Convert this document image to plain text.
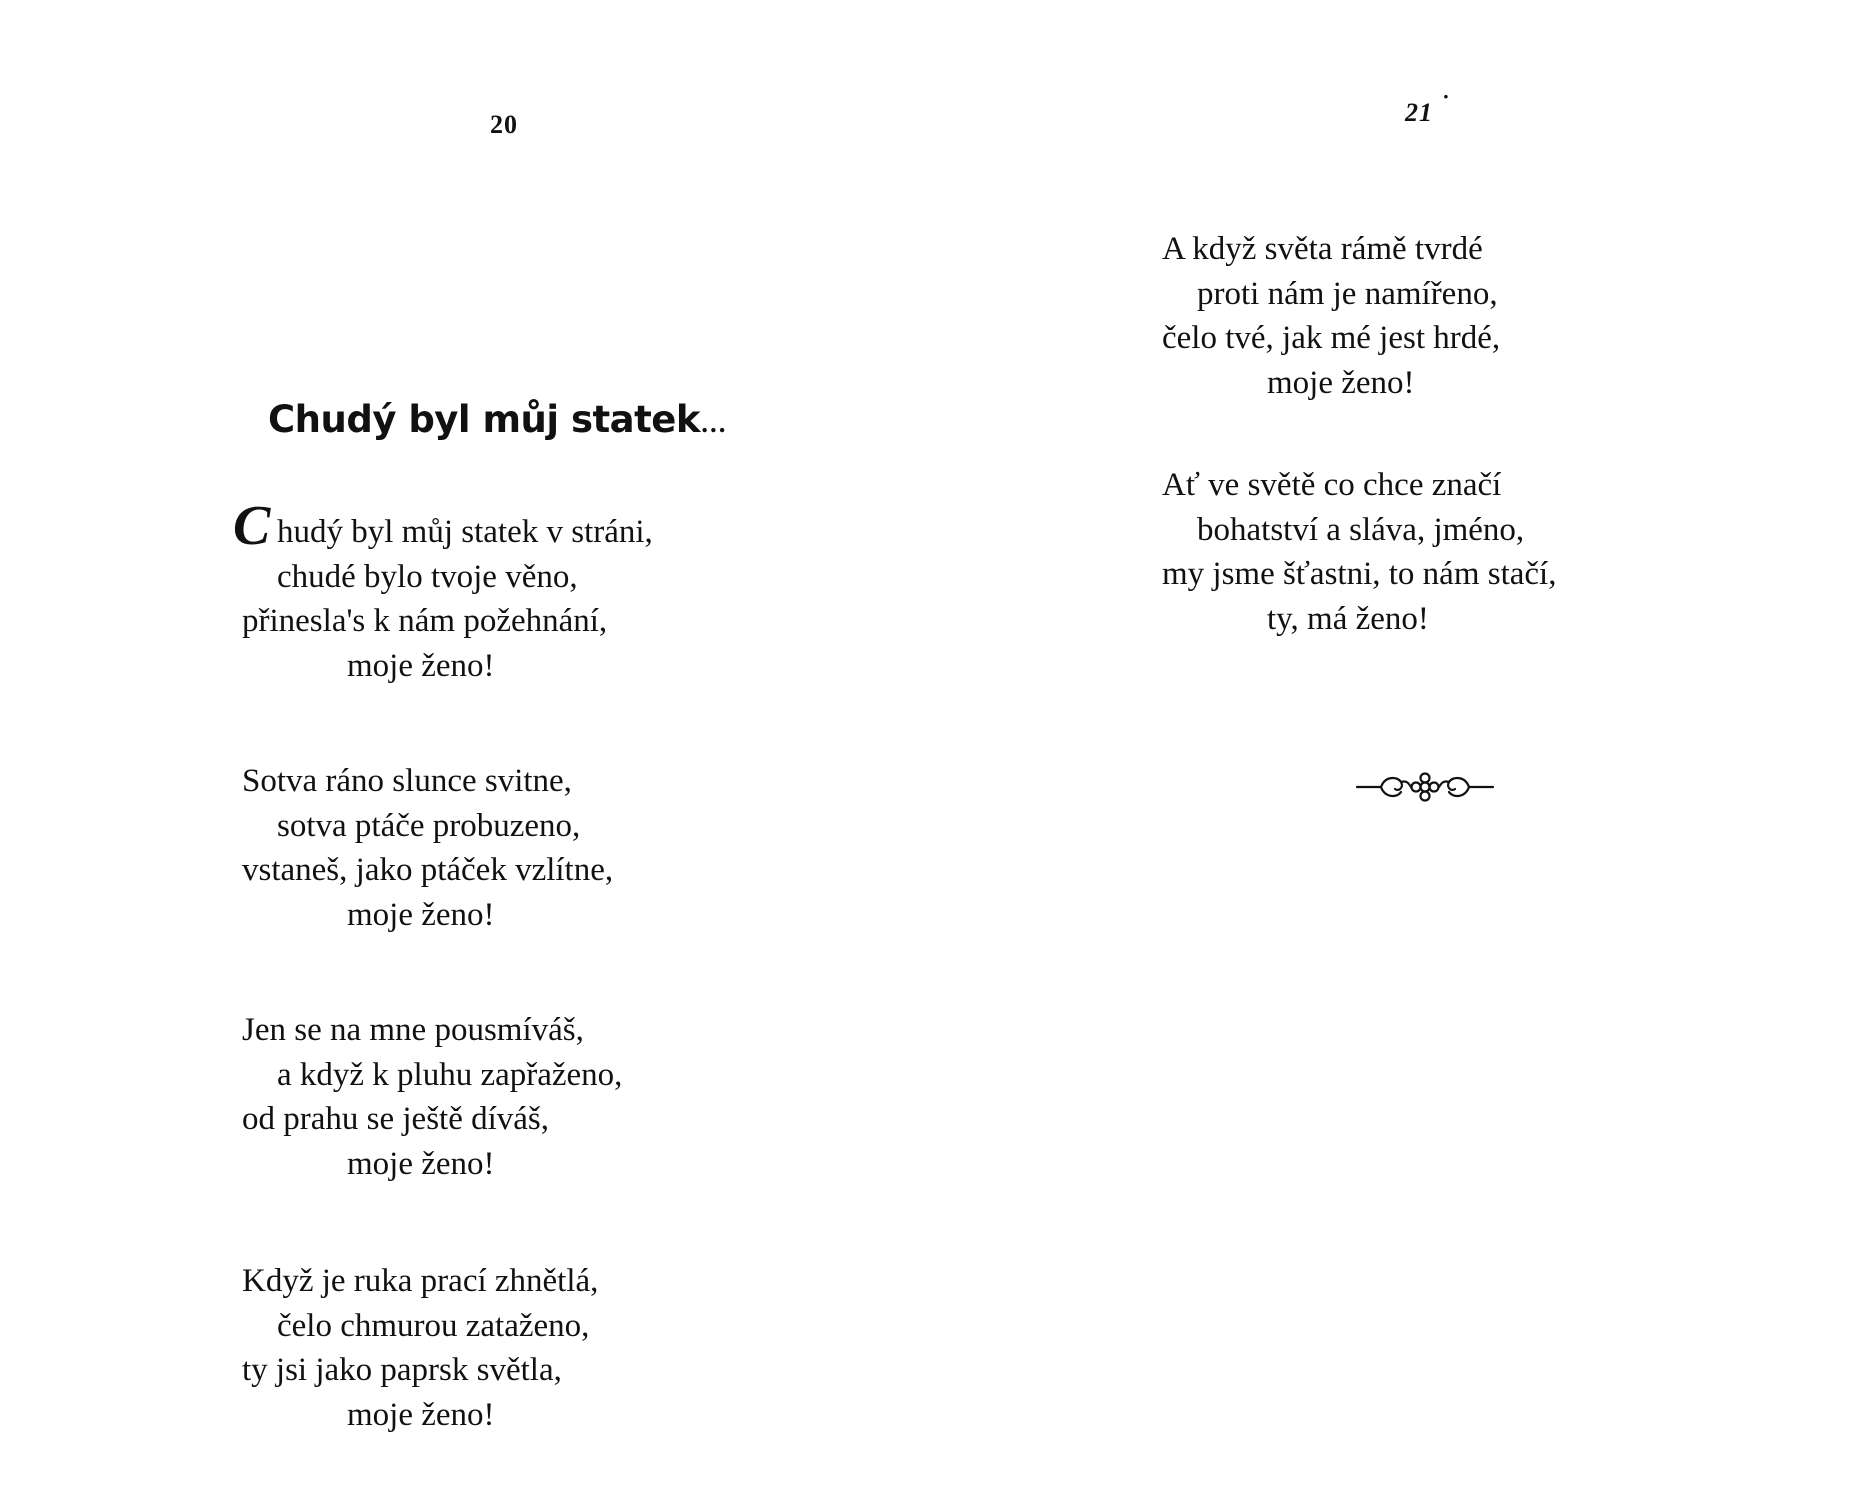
20
Chudý byl můj statek...
Chudý byl můj statek v stráni,
chudé bylo tvoje věno,
přinesla's k nám požehnání,
moje ženo!
Sotva ráno slunce svitne,
sotva ptáče probuzeno,
vstaneš, jako ptáček vzlítne,
moje ženo!
Jen se na mne pousmíváš,
a když k pluhu zapřaženo,
od prahu se ještě díváš,
moje ženo!
Když je ruka prací zhnětlá,
čelo chmurou zataženo,
ty jsi jako paprsk světla,
moje ženo!
21 ·
A když světa rámě tvrdé
proti nám je namířeno,
čelo tvé, jak mé jest hrdé,
moje ženo!
Ať ve světě co chce značí
bohatství a sláva, jméno,
my jsme šťastni, to nám stačí,
ty, má ženo!
